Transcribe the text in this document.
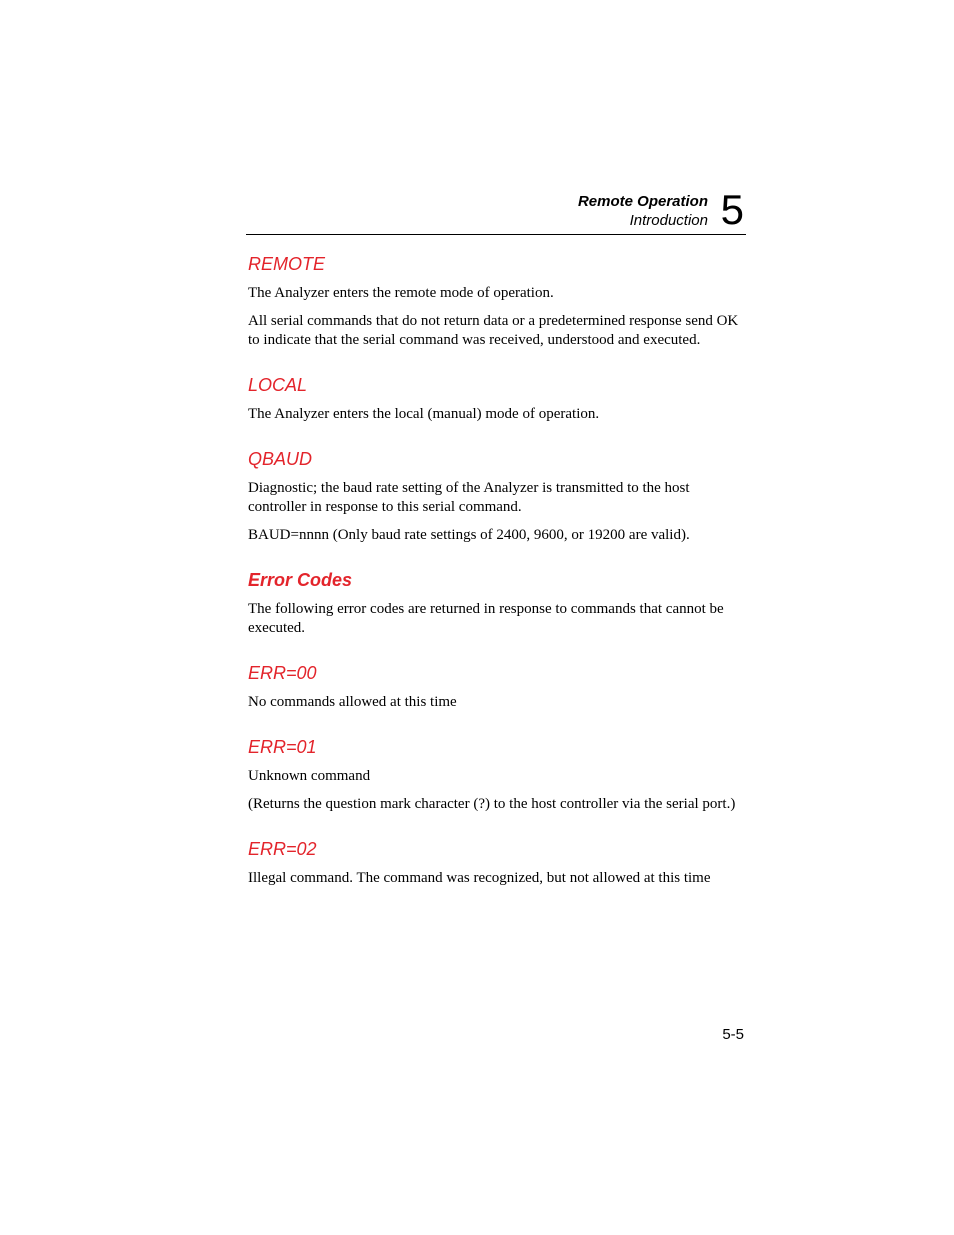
Remote Operation
Introduction 5
REMOTE

The Analyzer enters the remote mode of operation.

All serial commands that do not return data or a predetermined response send OK to indicate that the serial command was received, understood and executed.

LOCAL

The Analyzer enters the local (manual) mode of operation.

QBAUD

Diagnostic; the baud rate setting of the Analyzer is transmitted to the host controller in response to this serial command.

BAUD=nnnn (Only baud rate settings of 2400, 9600, or 19200 are valid).

Error Codes

The following error codes are returned in response to commands that cannot be executed.

ERR=00

No commands allowed at this time

ERR=01

Unknown command

(Returns the question mark character (?) to the host controller via the serial port.)

ERR=02

Illegal command. The command was recognized, but not allowed at this time

5-5
